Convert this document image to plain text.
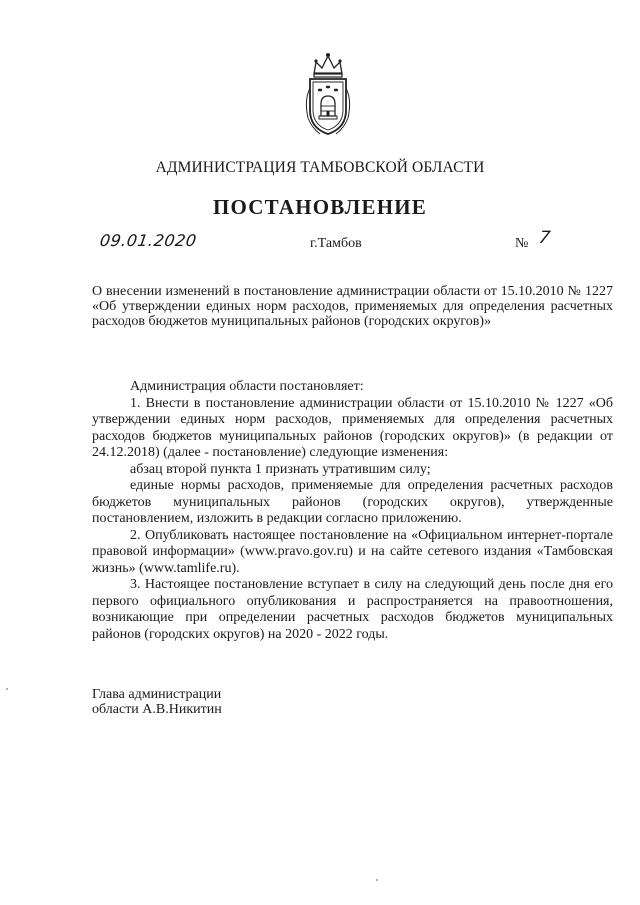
АДМИНИСТРАЦИЯ ТАМБОВСКОЙ ОБЛАСТИ
ПОСТАНОВЛЕНИЕ
09.01.2020	г.Тамбов	№ 7
О внесении изменений в постановление администрации области от 15.10.2010 № 1227 «Об утверждении единых норм расходов, применяемых для определения расчетных расходов бюджетов муниципальных районов (городских округов)»

Администрация области постановляет:

1. Внести в постановление администрации области от 15.10.2010 № 1227 «Об утверждении единых норм расходов, применяемых для определения расчетных расходов бюджетов муниципальных районов (городских округов)» (в редакции от 24.12.2018) (далее - постановление) следующие изменения:

абзац второй пункта 1 признать утратившим силу;

единые нормы расходов, применяемые для определения расчетных расходов бюджетов муниципальных районов (городских округов), утвержденные постановлением, изложить в редакции согласно приложению.

2. Опубликовать настоящее постановление на «Официальном интернет-портале правовой информации» (www.pravo.gov.ru) и на сайте сетевого издания «Тамбовская жизнь» (www.tamlife.ru).

3. Настоящее постановление вступает в силу на следующий день после дня его первого официального опубликования и распространяется на правоотношения, возникающие при определении расчетных расходов бюджетов муниципальных районов (городских округов) на 2020 - 2022 годы.

Глава администрации
области А.В.Никитин
